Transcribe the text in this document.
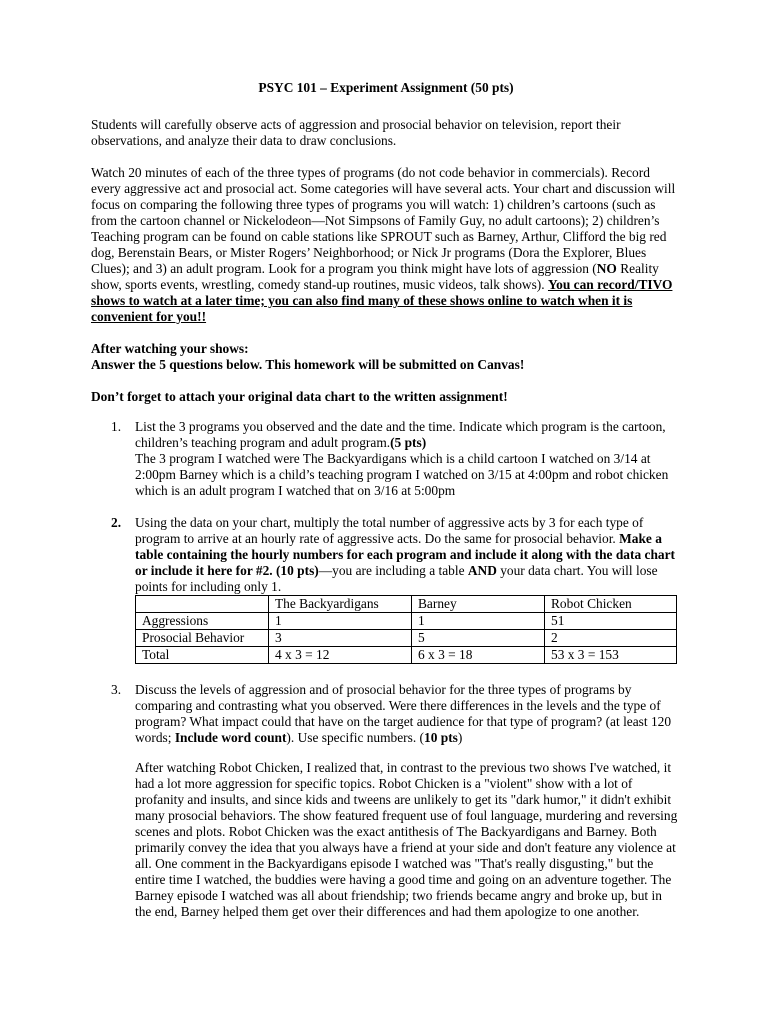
PSYC 101 – Experiment Assignment (50 pts)

Students will carefully observe acts of aggression and prosocial behavior on television, report their observations, and analyze their data to draw conclusions.

Watch 20 minutes of each of the three types of programs (do not code behavior in commercials). Record every aggressive act and prosocial act. Some categories will have several acts. Your chart and discussion will focus on comparing the following three types of programs you will watch: 1) children’s cartoons (such as from the cartoon channel or Nickelodeon—Not Simpsons of Family Guy, no adult cartoons); 2) children’s Teaching program can be found on cable stations like SPROUT such as Barney, Arthur, Clifford the big red dog, Berenstain Bears, or Mister Rogers’ Neighborhood; or Nick Jr programs (Dora the Explorer, Blues Clues); and 3) an adult program. Look for a program you think might have lots of aggression (NO Reality show, sports events, wrestling, comedy stand-up routines, music videos, talk shows). You can record/TIVO shows to watch at a later time; you can also find many of these shows online to watch when it is convenient for you!!

After watching your shows:

Answer the 5 questions below. This homework will be submitted on Canvas!

Don’t forget to attach your original data chart to the written assignment!

1. List the 3 programs you observed and the date and the time. Indicate which program is the cartoon, children’s teaching program and adult program.(5 pts)

The 3 program I watched were The Backyardigans which is a child cartoon I watched on 3/14 at 2:00pm Barney which is a child’s teaching program I watched on 3/15 at 4:00pm and robot chicken which is an adult program I watched that on 3/16 at 5:00pm

2. Using the data on your chart, multiply the total number of aggressive acts by 3 for each type of program to arrive at an hourly rate of aggressive acts. Do the same for prosocial behavior. Make a table containing the hourly numbers for each program and include it along with the data chart or include it here for #2. (10 pts)—you are including a table AND your data chart. You will lose points for including only 1.

	The Backyardigans	Barney	Robot Chicken
Aggressions	1	1	51
Prosocial Behavior	3	5	2
Total	4 x 3 = 12	6 x 3 = 18	53 x 3 = 153
3. Discuss the levels of aggression and of prosocial behavior for the three types of programs by comparing and contrasting what you observed. Were there differences in the levels and the type of program? What impact could that have on the target audience for that type of program? (at least 120 words; Include word count). Use specific numbers. (10 pts)

After watching Robot Chicken, I realized that, in contrast to the previous two shows I've watched, it had a lot more aggression for specific topics. Robot Chicken is a "violent" show with a lot of profanity and insults, and since kids and tweens are unlikely to get its "dark humor," it didn't exhibit many prosocial behaviors. The show featured frequent use of foul language, murdering and reversing scenes and plots. Robot Chicken was the exact antithesis of The Backyardigans and Barney. Both primarily convey the idea that you always have a friend at your side and don't feature any violence at all. One comment in the Backyardigans episode I watched was "That's really disgusting," but the entire time I watched, the buddies were having a good time and going on an adventure together. The Barney episode I watched was all about friendship; two friends became angry and broke up, but in the end, Barney helped them get over their differences and had them apologize to one another.
